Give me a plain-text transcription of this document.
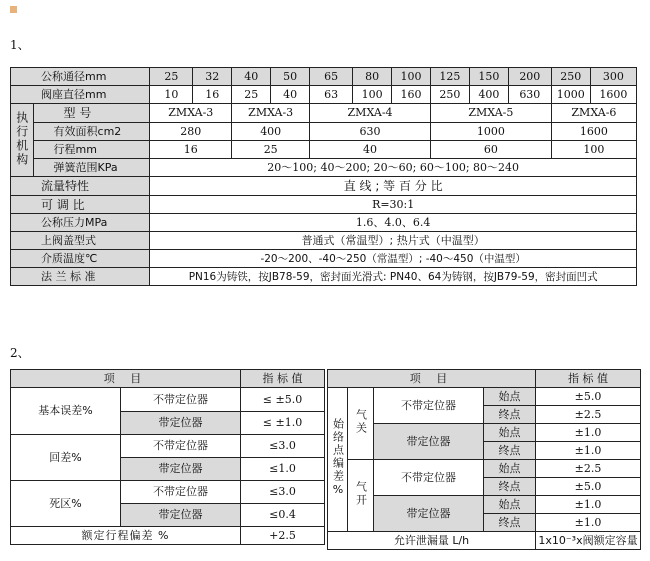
1、
公称通径mm		25	32	40	50	65	80	100	125	150	200	250	300
阀座直径mm		10	16	25	40	63	100	160	250	400	630	1000	1600
执行机构	型 号	ZMXA-3		ZMXA-3		ZMXA-4			ZMXA-5			ZMXA-6	
	有效面积cm2	280		400		630			1000			1600	
	行程mm	16		25		40			60			100	
	弹簧范围KPa	20～100; 40～200; 20～60; 60～100; 80～240											
流量特性		直 线 ; 等 百 分 比											
可 调 比		R=30:1											
公称压力MPa		1.6、4.0、6.4											
上阀盖型式		普通式（常温型）; 热片式（中温型）											
介质温度℃		-20～200、-40～250（常温型）; -40～450（中温型）											
法 兰 标 准		PN16为铸铁，按JB78-59，密封面光滑式: PN40、64为铸钢，按JB79-59，密封面凹式											
2、
项 目		指 标 值
基本误差%	不带定位器	≤ ±5.0
	带定位器	≤ ±1.0
回差%	不带定位器	≤3.0
	带定位器	≤1.0
死区%	不带定位器	≤3.0
	带定位器	≤0.4
额定行程偏差 %		+2.5
项 目				指 标 值
始络点编差%	气关	不带定位器	始点	±5.0
			终点	±2.5
		带定位器	始点	±1.0
			终点	±1.0
	气开	不带定位器	始点	±2.5
			终点	±5.0
		带定位器	始点	±1.0
			终点	±1.0
允许泄漏量 L/h				1x10⁻³x阀额定容量
